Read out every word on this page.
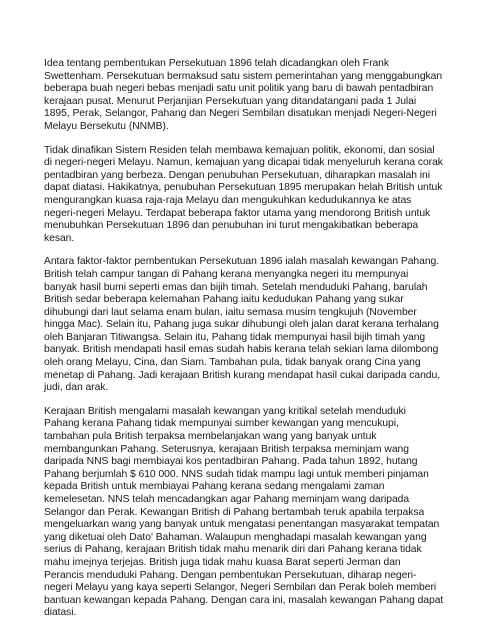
Idea tentang pembentukan Persekutuan 1896 telah dicadangkan oleh Frank
Swettenham. Persekutuan bermaksud satu sistem pemerintahan yang menggabungkan
beberapa buah negeri bebas menjadi satu unit politik yang baru di bawah pentadbiran
kerajaan pusat. Menurut Perjanjian Persekutuan yang ditandatangani pada 1 Julai
1895, Perak, Selangor, Pahang dan Negeri Sembilan disatukan menjadi Negeri-Negeri
Melayu Bersekutu (NNMB).

Tidak dinafikan Sistem Residen telah membawa kemajuan politik, ekonomi, dan sosial
di negeri-negeri Melayu. Namun, kemajuan yang dicapai tidak menyeluruh kerana corak
pentadbiran yang berbeza. Dengan penubuhan Persekutuan, diharapkan masalah ini
dapat diatasi. Hakikatnya, penubuhan Persekutuan 1895 merupakan helah British untuk
mengurangkan kuasa raja-raja Melayu dan mengukuhkan kedudukannya ke atas
negeri-negeri Melayu. Terdapat beberapa faktor utama yang mendorong British untuk
menubuhkan Persekutuan 1896 dan penubuhan ini turut mengakibatkan beberapa
kesan.

Antara faktor-faktor pembentukan Persekutuan 1896 ialah masalah kewangan Pahang.
British telah campur tangan di Pahang kerana menyangka negeri itu mempunyai
banyak hasil bumi seperti emas dan bijih timah. Setelah menduduki Pahang, barulah
British sedar beberapa kelemahan Pahang iaitu kedudukan Pahang yang sukar
dihubungi dari laut selama enam bulan, iaitu semasa musim tengkujuh (November
hingga Mac). Selain itu, Pahang juga sukar dihubungi oleh jalan darat kerana terhalang
oleh Banjaran Titiwangsa. Selain itu, Pahang tidak mempunyai hasil bijih timah yang
banyak. British mendapati hasil emas sudah habis kerana telah sekian lama dilombong
oleh orang Melayu, Cina, dan Siam. Tambahan pula, tidak banyak orang Cina yang
menetap di Pahang. Jadi kerajaan British kurang mendapat hasil cukai daripada candu,
judi, dan arak.

Kerajaan British mengalami masalah kewangan yang kritikal setelah menduduki
Pahang kerana Pahang tidak mempunyai sumber kewangan yang mencukupi,
tambahan pula British terpaksa membelanjakan wang yang banyak untuk
membangunkan Pahang. Seterusnya, kerajaan British terpaksa meminjam wang
daripada NNS bagi membiayai kos pentadbiran Pahang. Pada tahun 1892, hutang
Pahang berjumlah $ 610 000. NNS sudah tidak mampu lagi untuk memberi pinjaman
kepada British untuk membiayai Pahang kerana sedang mengalami zaman
kemelesetan. NNS telah mencadangkan agar Pahang meminjam wang daripada
Selangor dan Perak. Kewangan British di Pahang bertambah teruk apabila terpaksa
mengeluarkan wang yang banyak untuk mengatasi penentangan masyarakat tempatan
yang diketuai oleh Dato' Bahaman. Walaupun menghadapi masalah kewangan yang
serius di Pahang, kerajaan British tidak mahu menarik diri dari Pahang kerana tidak
mahu imejnya terjejas. British juga tidak mahu kuasa Barat seperti Jerman dan
Perancis menduduki Pahang. Dengan pembentukan Persekutuan, diharap negeri-
negeri Melayu yang kaya seperti Selangor, Negeri Sembilan dan Perak boleh memberi
bantuan kewangan kepada Pahang. Dengan cara ini, masalah kewangan Pahang dapat
diatasi.
